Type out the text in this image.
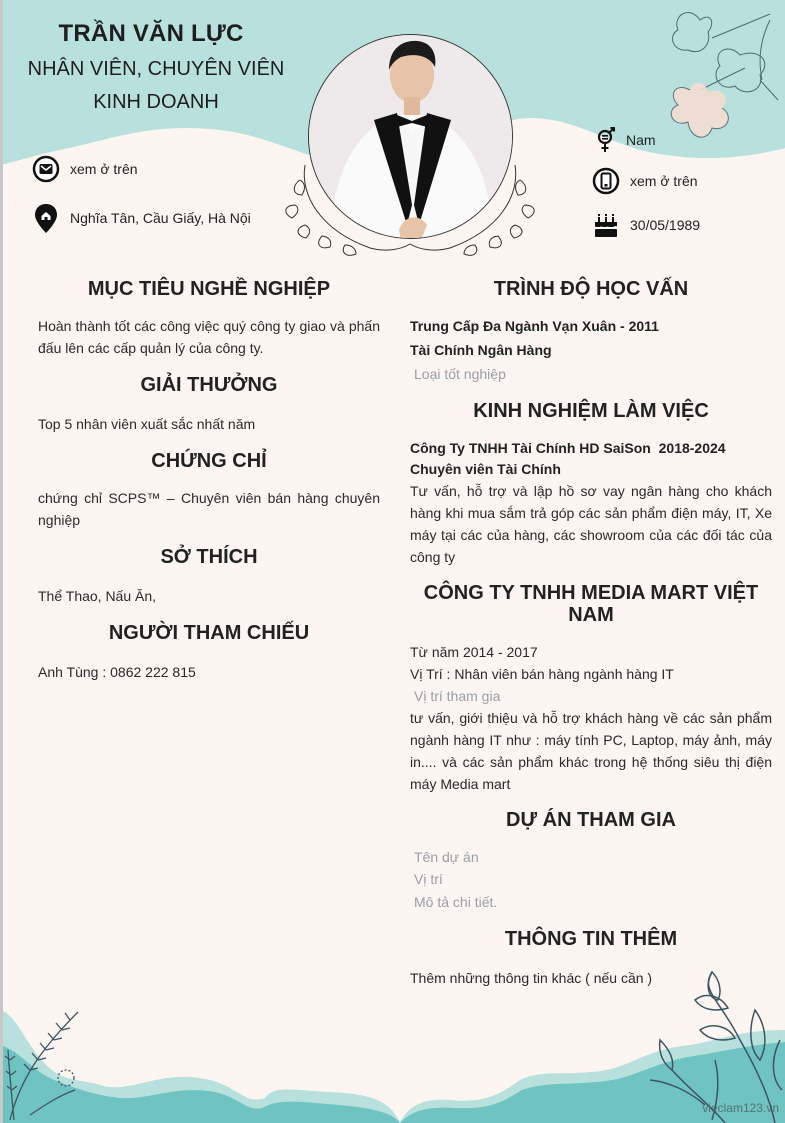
TRẦN VĂN LỰC
NHÂN VIÊN, CHUYÊN VIÊN KINH DOANH
xem ở trên
Nghĩa Tân, Cầu Giấy, Hà Nội
Nam
xem ở trên
30/05/1989
MỤC TIÊU NGHỀ NGHIỆP
Hoàn thành tốt các công việc quý công ty giao và phấn đấu lên các cấp quản lý của công ty.
GIẢI THƯỞNG
Top 5 nhân viên xuất sắc nhất năm
CHỨNG CHỈ
chứng chỉ SCPS™ – Chuyên viên bán hàng chuyên nghiệp
SỞ THÍCH
Thể Thao, Nấu Ăn,
NGƯỜI THAM CHIẾU
Anh Tùng : 0862 222 815
TRÌNH ĐỘ HỌC VẤN
Trung Cấp Đa Ngành Vạn Xuân - 2011
Tài Chính Ngân Hàng
Loại tốt nghiệp
KINH NGHIỆM LÀM VIỆC
Công Ty TNHH Tài Chính HD SaiSon  2018-2024
Chuyên viên Tài Chính
Tư vấn, hỗ trợ và lập hồ sơ vay ngân hàng cho khách hàng khi mua sắm trả góp các sản phẩm điện máy, IT, Xe máy tại các của hàng, các showroom của các đối tác của công ty
CÔNG TY TNHH MEDIA MART VIỆT NAM
Từ năm 2014 - 2017
Vị Trí : Nhân viên bán hàng ngành hàng IT
Vị trí tham gia
tư vấn, giới thiệu và hỗ trợ khách hàng về các sản phẩm ngành hàng IT như : máy tính PC, Laptop, máy ảnh, máy in.... và các sản phẩm khác trong hệ thống siêu thị điện máy Media mart
DỰ ÁN THAM GIA
Tên dự án
Vị trí
Mô tả chi tiết.
THÔNG TIN THÊM
Thêm những thông tin khác ( nếu cần )
vieclam123.vn
